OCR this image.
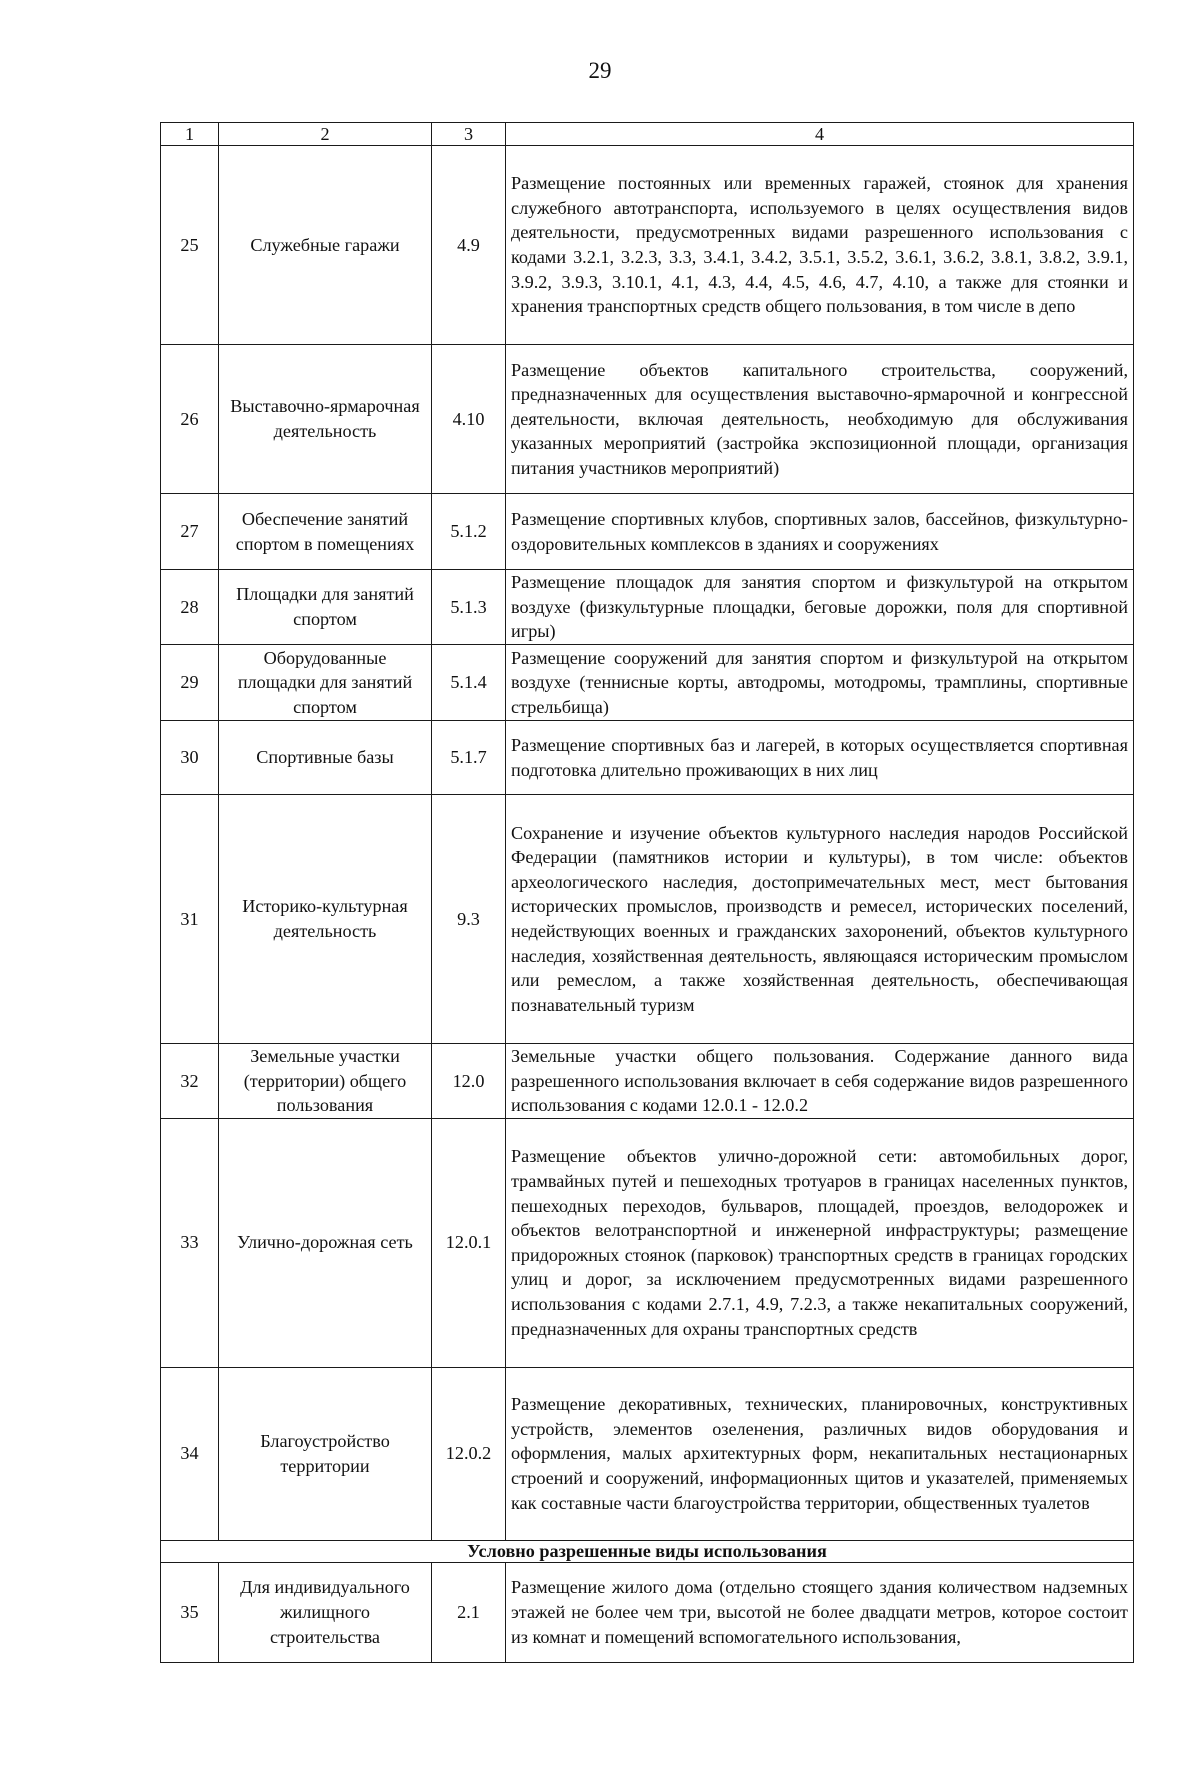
29
1	2	3	4
25	Служебные гаражи	4.9	Размещение постоянных или временных гаражей, стоянок для хранения служебного автотранспорта, используемого в целях осуществления видов деятельности, предусмотренных видами разрешенного использования с кодами 3.2.1, 3.2.3, 3.3, 3.4.1, 3.4.2, 3.5.1, 3.5.2, 3.6.1, 3.6.2, 3.8.1, 3.8.2, 3.9.1, 3.9.2, 3.9.3, 3.10.1, 4.1, 4.3, 4.4, 4.5, 4.6, 4.7, 4.10, а также для стоянки и хранения транспортных средств общего пользования, в том числе в депо
26	Выставочно-ярмарочная деятельность	4.10	Размещение объектов капитального строительства, сооружений, предназначенных для осуществления выставочно-ярмарочной и конгрессной деятельности, включая деятельность, необходимую для обслуживания указанных мероприятий (застройка экспозиционной площади, организация питания участников мероприятий)
27	Обеспечение занятий спортом в помещениях	5.1.2	Размещение спортивных клубов, спортивных залов, бассейнов, физкультурно-оздоровительных комплексов в зданиях и сооружениях
28	Площадки для занятий спортом	5.1.3	Размещение площадок для занятия спортом и физкультурой на открытом воздухе (физкультурные площадки, беговые дорожки, поля для спортивной игры)
29	Оборудованные площадки для занятий спортом	5.1.4	Размещение сооружений для занятия спортом и физкультурой на открытом воздухе (теннисные корты, автодромы, мотодромы, трамплины, спортивные стрельбища)
30	Спортивные базы	5.1.7	Размещение спортивных баз и лагерей, в которых осуществляется спортивная подготовка длительно проживающих в них лиц
31	Историко-культурная деятельность	9.3	Сохранение и изучение объектов культурного наследия народов Российской Федерации (памятников истории и культуры), в том числе: объектов археологического наследия, достопримечательных мест, мест бытования исторических промыслов, производств и ремесел, исторических поселений, недействующих военных и гражданских захоронений, объектов культурного наследия, хозяйственная деятельность, являющаяся историческим промыслом или ремеслом, а также хозяйственная деятельность, обеспечивающая познавательный туризм
32	Земельные участки (территории) общего пользования	12.0	Земельные участки общего пользования. Содержание данного вида разрешенного использования включает в себя содержание видов разрешенного использования с кодами 12.0.1 - 12.0.2
33	Улично-дорожная сеть	12.0.1	Размещение объектов улично-дорожной сети: автомобильных дорог, трамвайных путей и пешеходных тротуаров в границах населенных пунктов, пешеходных переходов, бульваров, площадей, проездов, велодорожек и объектов велотранспортной и инженерной инфраструктуры; размещение придорожных стоянок (парковок) транспортных средств в границах городских улиц и дорог, за исключением предусмотренных видами разрешенного использования с кодами 2.7.1, 4.9, 7.2.3, а также некапитальных сооружений, предназначенных для охраны транспортных средств
34	Благоустройство территории	12.0.2	Размещение декоративных, технических, планировочных, конструктивных устройств, элементов озеленения, различных видов оборудования и оформления, малых архитектурных форм, некапитальных нестационарных строений и сооружений, информационных щитов и указателей, применяемых как составные части благоустройства территории, общественных туалетов
Условно разрешенные виды использования			
35	Для индивидуального жилищного строительства	2.1	Размещение жилого дома (отдельно стоящего здания количеством надземных этажей не более чем три, высотой не более двадцати метров, которое состоит из комнат и помещений вспомогательного использования,
